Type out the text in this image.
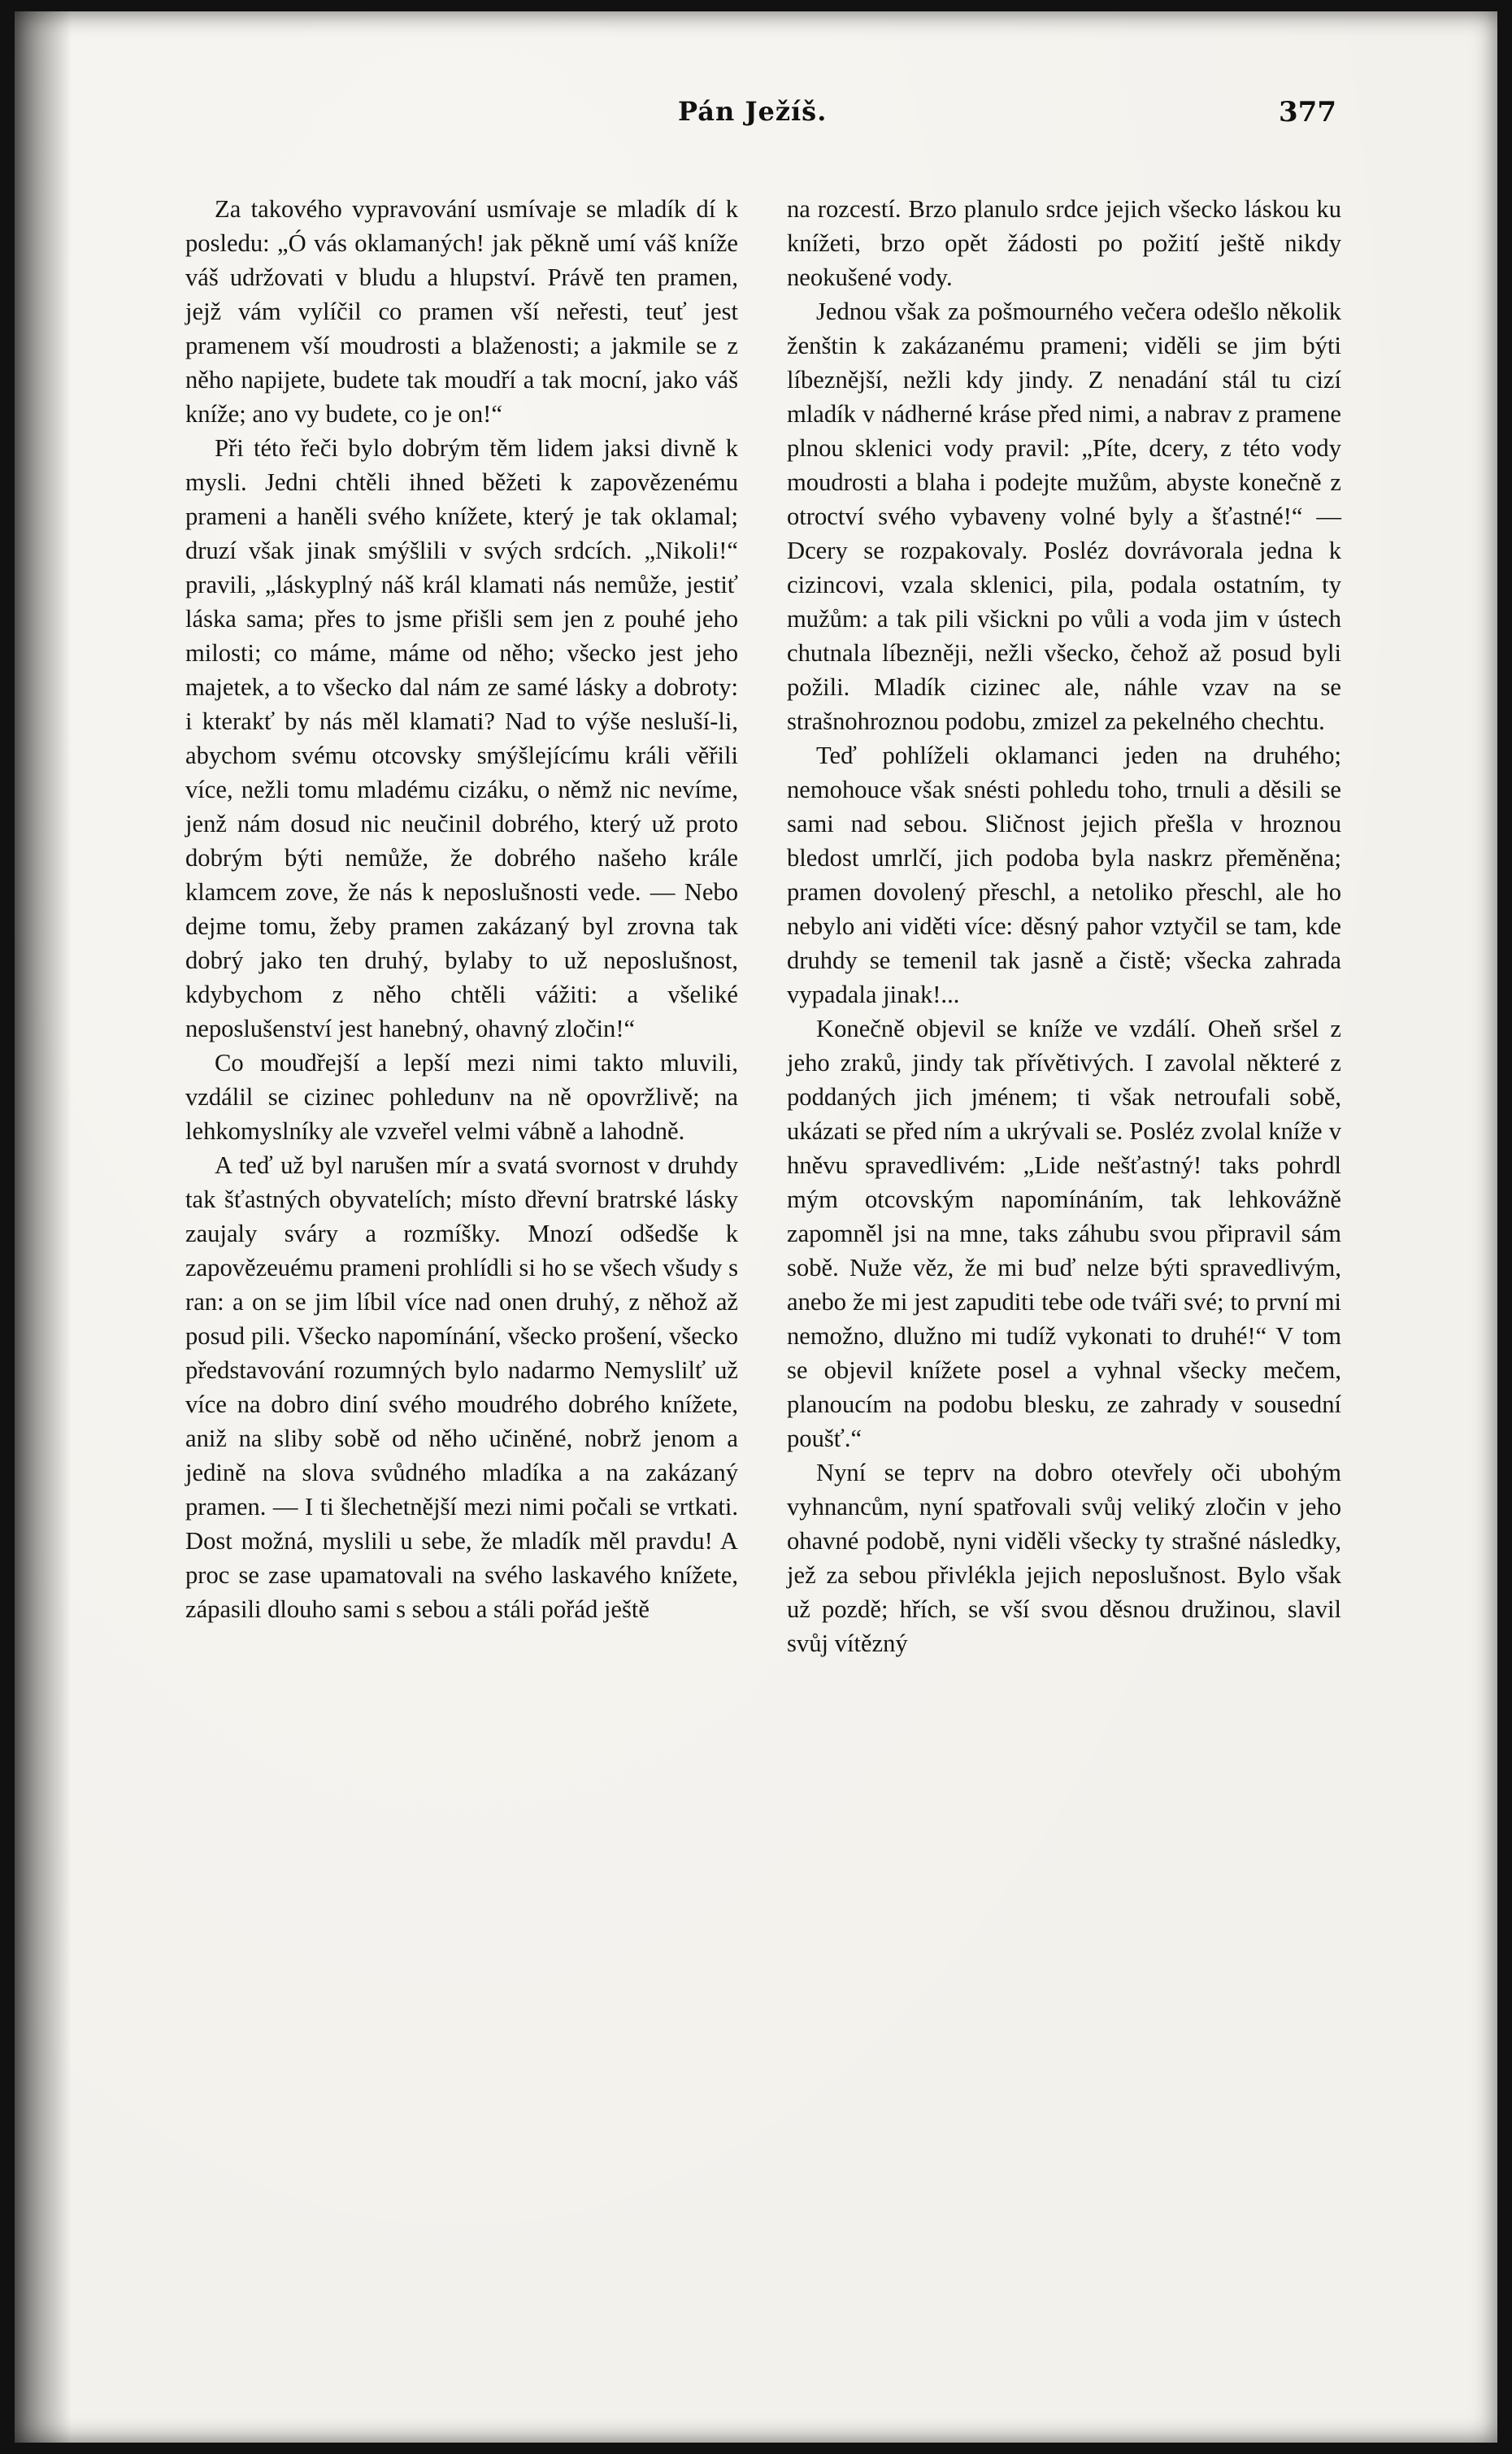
Pán Ježíš.	377

Za takového vypravování usmívaje se mladík dí k posledu: „Ó vás oklamaných! jak pěkně umí váš kníže váš udržovati v bludu a hlupství. Právě ten pramen, jejž vám vylíčil co pramen vší neřesti, teuť jest pramenem vší moudrosti a blaženosti; a jakmile se z něho napijete, budete tak moudří a tak mocní, jako váš kníže; ano vy budete, co je on!“

Při této řeči bylo dobrým těm lidem jaksi divně k mysli. Jedni chtěli ihned běžeti k zapovězenému prameni a haněli svého knížete, který je tak oklamal; druzí však jinak smýšlili v svých srdcích. „Nikoli!“ pravili, „láskyplný náš král klamati nás nemůže, jestiť láska sama; přes to jsme přišli sem jen z pouhé jeho milosti; co máme, máme od něho; všecko jest jeho majetek, a to všecko dal nám ze samé lásky a dobroty: i kterakť by nás měl klamati? Nad to výše nesluší-li, abychom svému otcovsky smýšlejícímu králi věřili více, nežli tomu mladému cizáku, o němž nic nevíme, jenž nám dosud nic neučinil dobrého, který už proto dobrým býti nemůže, že dobrého našeho krále klamcem zove, že nás k neposlušnosti vede. — Nebo dejme tomu, žeby pramen zakázaný byl zrovna tak dobrý jako ten druhý, bylaby to už neposlušnost, kdybychom z něho chtěli vážiti: a všeliké neposlušenství jest hanebný, ohavný zločin!“

Co moudřejší a lepší mezi nimi takto mluvili, vzdálil se cizinec pohledunv na ně opovržlivě; na lehkomyslníky ale vzveřel velmi vábně a lahodně.

A teď už byl narušen mír a svatá svornost v druhdy tak šťastných obyvatelích; místo dřevní bratrské lásky zaujaly sváry a rozmíšky. Mnozí odšedše k zapovězeuému prameni prohlídli si ho se všech všudy s ran: a on se jim líbil více nad onen druhý, z něhož až posud pili. Všecko napomínání, všecko prošení, všecko představování rozumných bylo nadarmo Nemyslilť už více na dobro diní svého moudrého dobrého knížete, aniž na sliby sobě od něho učiněné, nobrž jenom a jedině na slova svůdného mladíka a na zakázaný pramen. — I ti šlechetnější mezi nimi počali se vrtkati. Dost možná, myslili u sebe, že mladík měl pravdu! A proc se zase upamatovali na svého laskavého knížete, zápasili dlouho sami s sebou a stáli pořád ještě

na rozcestí. Brzo planulo srdce jejich všecko láskou ku knížeti, brzo opět žádosti po požití ještě nikdy neokušené vody.

Jednou však za pošmourného večera odešlo několik ženštin k zakázanému prameni; viděli se jim býti líbeznější, nežli kdy jindy. Z nenadání stál tu cizí mladík v nádherné kráse před nimi, a nabrav z pramene plnou sklenici vody pravil: „Píte, dcery, z této vody moudrosti a blaha i podejte mužům, abyste konečně z otroctví svého vybaveny volné byly a šťastné!“ — Dcery se rozpakovaly. Posléz dovrávorala jedna k cizincovi, vzala sklenici, pila, podala ostatním, ty mužům: a tak pili všickni po vůli a voda jim v ústech chutnala líbezněji, nežli všecko, čehož až posud byli požili. Mladík cizinec ale, náhle vzav na se strašnohroznou podobu, zmizel za pekelného chechtu.

Teď pohlíželi oklamanci jeden na druhého; nemohouce však snésti pohledu toho, trnuli a děsili se sami nad sebou. Sličnost jejich přešla v hroznou bledost umrlčí, jich podoba byla naskrz přeměněna; pramen dovolený přeschl, a netoliko přeschl, ale ho nebylo ani viděti více: děsný pahor vztyčil se tam, kde druhdy se temenil tak jasně a čistě; všecka zahrada vypadala jinak!...

Konečně objevil se kníže ve vzdálí. Oheň sršel z jeho zraků, jindy tak přívětivých. I zavolal některé z poddaných jich jménem; ti však netroufali sobě, ukázati se před ním a ukrývali se. Posléz zvolal kníže v hněvu spravedlivém: „Lide nešťastný! taks pohrdl mým otcovským napomínáním, tak lehkovážně zapomněl jsi na mne, taks záhubu svou připravil sám sobě. Nuže věz, že mi buď nelze býti spravedlivým, anebo že mi jest zapuditi tebe ode tváři své; to první mi nemožno, dlužno mi tudíž vykonati to druhé!“ V tom se objevil knížete posel a vyhnal všecky mečem, planoucím na podobu blesku, ze zahrady v sousední poušť.“

Nyní se teprv na dobro otevřely oči ubohým vyhnancům, nyní spatřovali svůj veliký zločin v jeho ohavné podobě, nyni viděli všecky ty strašné následky, jež za sebou přivlékla jejich neposlušnost. Bylo však už pozdě; hřích, se vší svou děsnou družinou, slavil svůj vítězný
